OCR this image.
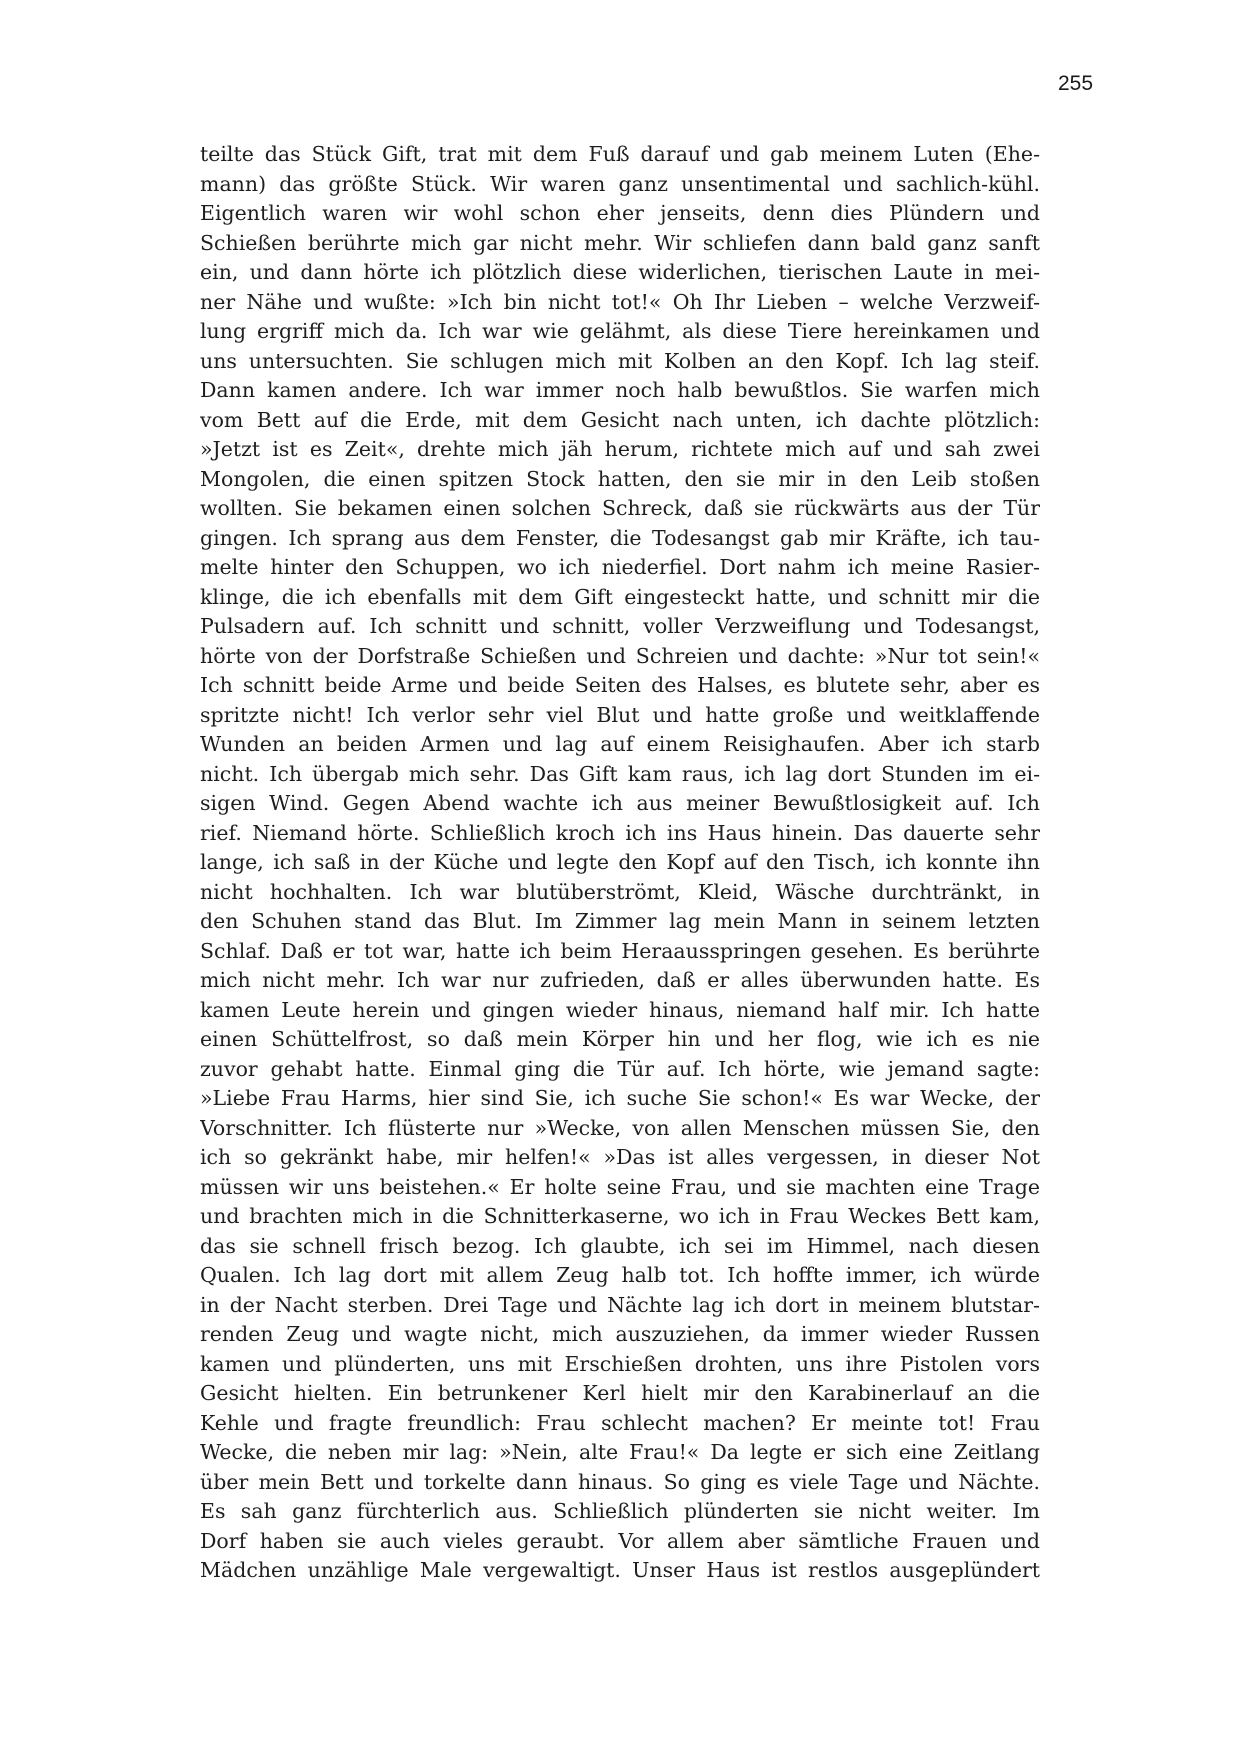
255
teilte das Stück Gift, trat mit dem Fuß darauf und gab meinem Luten (Ehe-
mann) das größte Stück. Wir waren ganz unsentimental und sachlich-kühl.
Eigentlich waren wir wohl schon eher jenseits, denn dies Plündern und
Schießen berührte mich gar nicht mehr. Wir schliefen dann bald ganz sanft
ein, und dann hörte ich plötzlich diese widerlichen, tierischen Laute in mei-
ner Nähe und wußte: »Ich bin nicht tot!« Oh Ihr Lieben – welche Verzweif-
lung ergriff mich da. Ich war wie gelähmt, als diese Tiere hereinkamen und
uns untersuchten. Sie schlugen mich mit Kolben an den Kopf. Ich lag steif.
Dann kamen andere. Ich war immer noch halb bewußtlos. Sie warfen mich
vom Bett auf die Erde, mit dem Gesicht nach unten, ich dachte plötzlich:
»Jetzt ist es Zeit«, drehte mich jäh herum, richtete mich auf und sah zwei
Mongolen, die einen spitzen Stock hatten, den sie mir in den Leib stoßen
wollten. Sie bekamen einen solchen Schreck, daß sie rückwärts aus der Tür
gingen. Ich sprang aus dem Fenster, die Todesangst gab mir Kräfte, ich tau-
melte hinter den Schuppen, wo ich niederfiel. Dort nahm ich meine Rasier-
klinge, die ich ebenfalls mit dem Gift eingesteckt hatte, und schnitt mir die
Pulsadern auf. Ich schnitt und schnitt, voller Verzweiflung und Todesangst,
hörte von der Dorfstraße Schießen und Schreien und dachte: »Nur tot sein!«
Ich schnitt beide Arme und beide Seiten des Halses, es blutete sehr, aber es
spritzte nicht! Ich verlor sehr viel Blut und hatte große und weitklaffende
Wunden an beiden Armen und lag auf einem Reisighaufen. Aber ich starb
nicht. Ich übergab mich sehr. Das Gift kam raus, ich lag dort Stunden im ei-
sigen Wind. Gegen Abend wachte ich aus meiner Bewußtlosigkeit auf. Ich
rief. Niemand hörte. Schließlich kroch ich ins Haus hinein. Das dauerte sehr
lange, ich saß in der Küche und legte den Kopf auf den Tisch, ich konnte ihn
nicht hochhalten. Ich war blutüberströmt, Kleid, Wäsche durchtränkt, in
den Schuhen stand das Blut. Im Zimmer lag mein Mann in seinem letzten
Schlaf. Daß er tot war, hatte ich beim Heraausspringen gesehen. Es berührte
mich nicht mehr. Ich war nur zufrieden, daß er alles überwunden hatte. Es
kamen Leute herein und gingen wieder hinaus, niemand half mir. Ich hatte
einen Schüttelfrost, so daß mein Körper hin und her flog, wie ich es nie
zuvor gehabt hatte. Einmal ging die Tür auf. Ich hörte, wie jemand sagte:
»Liebe Frau Harms, hier sind Sie, ich suche Sie schon!« Es war Wecke, der
Vorschnitter. Ich flüsterte nur »Wecke, von allen Menschen müssen Sie, den
ich so gekränkt habe, mir helfen!« »Das ist alles vergessen, in dieser Not
müssen wir uns beistehen.« Er holte seine Frau, und sie machten eine Trage
und brachten mich in die Schnitterkaserne, wo ich in Frau Weckes Bett kam,
das sie schnell frisch bezog. Ich glaubte, ich sei im Himmel, nach diesen
Qualen. Ich lag dort mit allem Zeug halb tot. Ich hoffte immer, ich würde
in der Nacht sterben. Drei Tage und Nächte lag ich dort in meinem blutstar-
renden Zeug und wagte nicht, mich auszuziehen, da immer wieder Russen
kamen und plünderten, uns mit Erschießen drohten, uns ihre Pistolen vors
Gesicht hielten. Ein betrunkener Kerl hielt mir den Karabinerlauf an die
Kehle und fragte freundlich: Frau schlecht machen? Er meinte tot! Frau
Wecke, die neben mir lag: »Nein, alte Frau!« Da legte er sich eine Zeitlang
über mein Bett und torkelte dann hinaus. So ging es viele Tage und Nächte.
Es sah ganz fürchterlich aus. Schließlich plünderten sie nicht weiter. Im
Dorf haben sie auch vieles geraubt. Vor allem aber sämtliche Frauen und
Mädchen unzählige Male vergewaltigt. Unser Haus ist restlos ausgeplündert
